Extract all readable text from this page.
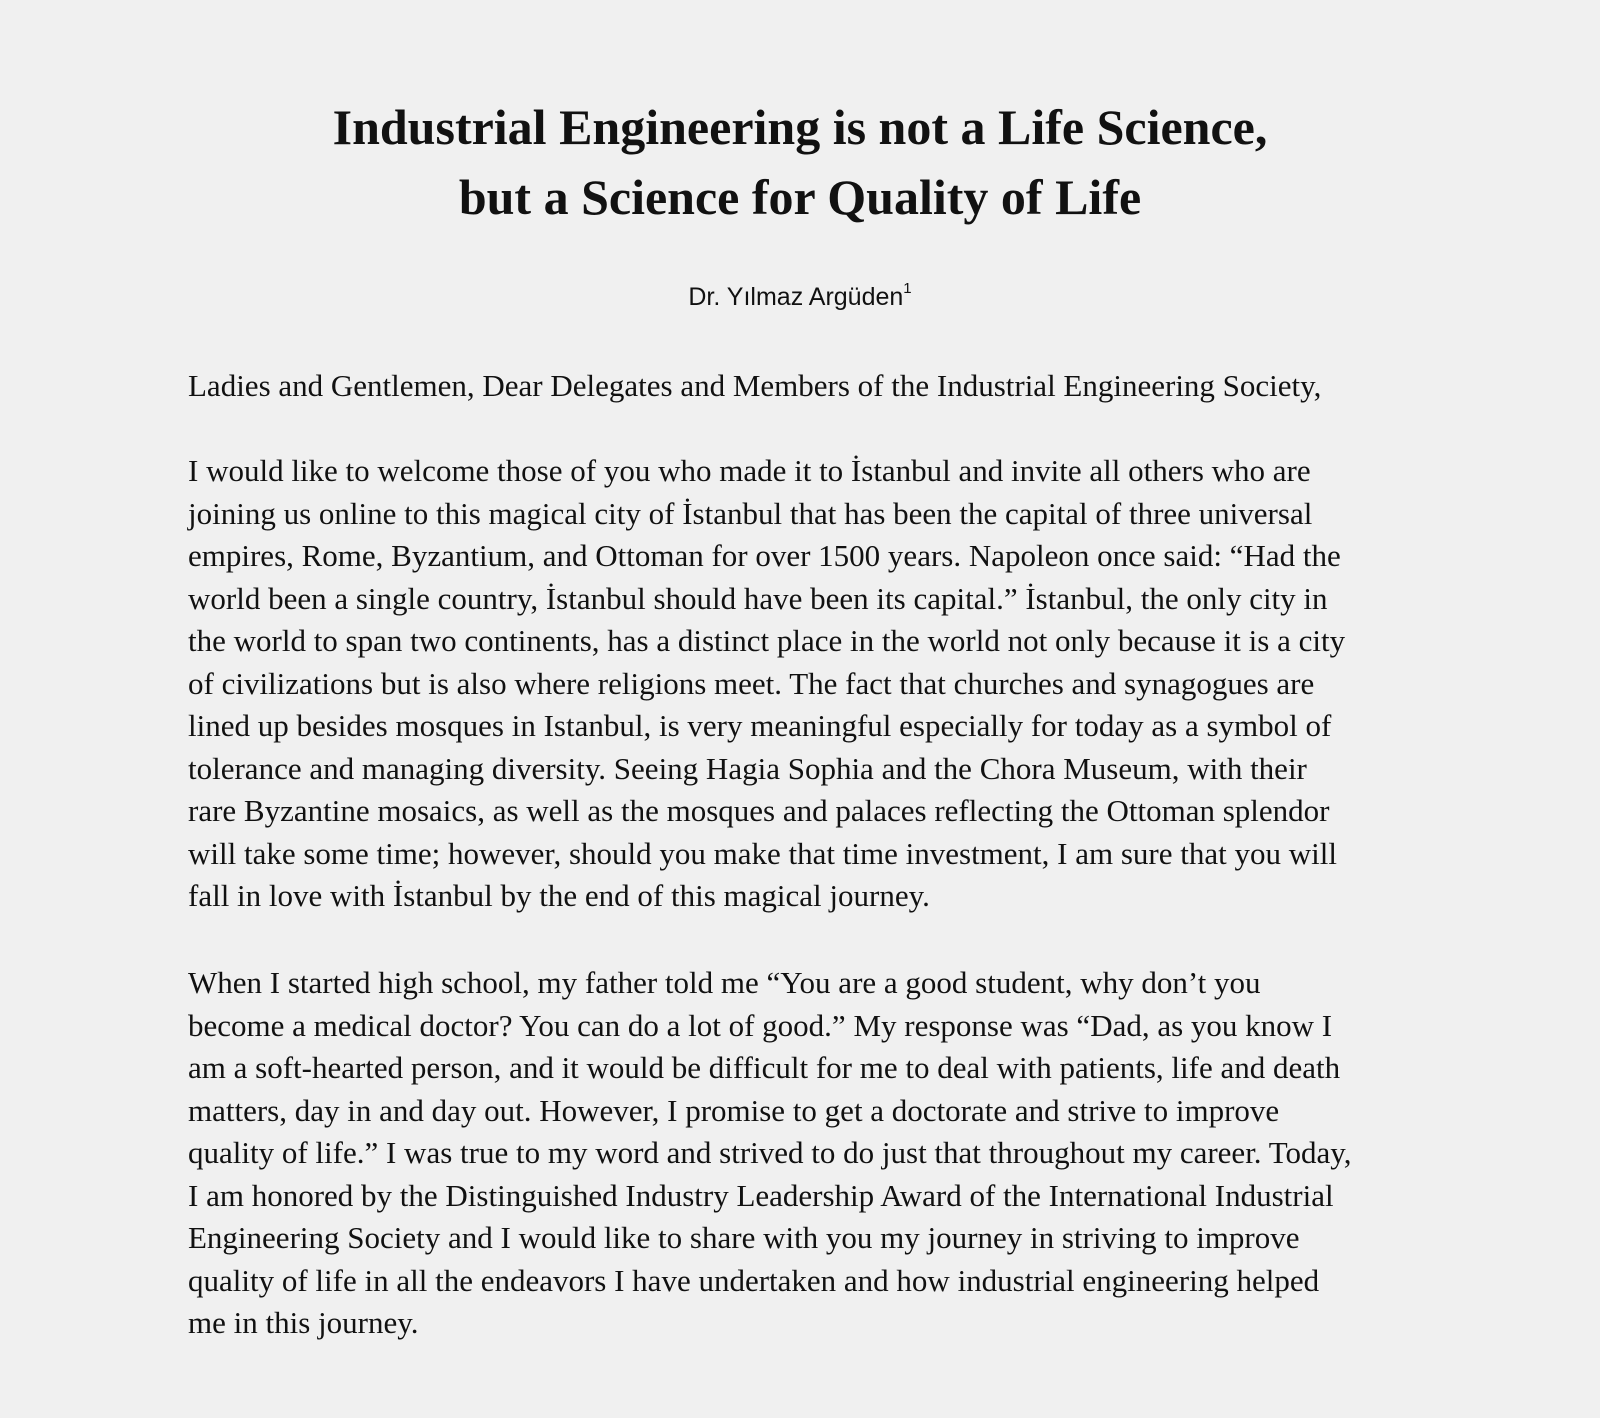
Industrial Engineering is not a Life Science,
but a Science for Quality of Life

Dr. Yılmaz Argüden$^1$

Ladies and Gentlemen, Dear Delegates and Members of the Industrial Engineering Society,

I would like to welcome those of you who made it to İstanbul and invite all others who are
joining us online to this magical city of İstanbul that has been the capital of three universal
empires, Rome, Byzantium, and Ottoman for over 1500 years. Napoleon once said: “Had the
world been a single country, İstanbul should have been its capital.” İstanbul, the only city in
the world to span two continents, has a distinct place in the world not only because it is a city
of civilizations but is also where religions meet. The fact that churches and synagogues are
lined up besides mosques in Istanbul, is very meaningful especially for today as a symbol of
tolerance and managing diversity. Seeing Hagia Sophia and the Chora Museum, with their
rare Byzantine mosaics, as well as the mosques and palaces reflecting the Ottoman splendor
will take some time; however, should you make that time investment, I am sure that you will
fall in love with İstanbul by the end of this magical journey.

When I started high school, my father told me “You are a good student, why don’t you
become a medical doctor? You can do a lot of good.” My response was “Dad, as you know I
am a soft-hearted person, and it would be difficult for me to deal with patients, life and death
matters, day in and day out. However, I promise to get a doctorate and strive to improve
quality of life.” I was true to my word and strived to do just that throughout my career. Today,
I am honored by the Distinguished Industry Leadership Award of the International Industrial
Engineering Society and I would like to share with you my journey in striving to improve
quality of life in all the endeavors I have undertaken and how industrial engineering helped
me in this journey.
